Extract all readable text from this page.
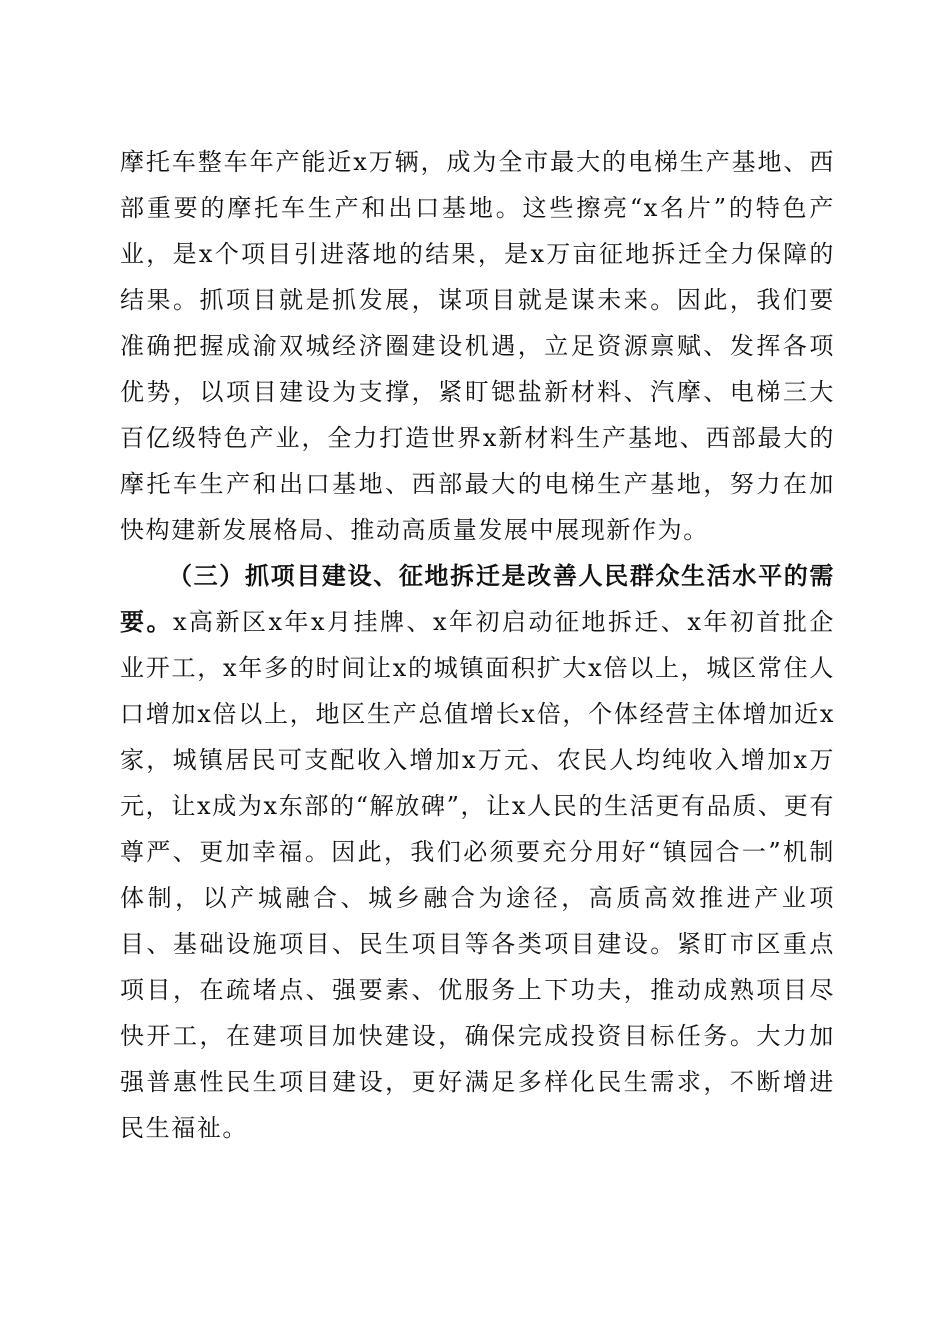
摩托车整车年产能近x万辆，成为全市最大的电梯生产基地、西部重要的摩托车生产和出口基地。这些擦亮“x名片”的特色产业，是x个项目引进落地的结果，是x万亩征地拆迁全力保障的结果。抓项目就是抓发展，谋项目就是谋未来。因此，我们要准确把握成渝双城经济圈建设机遇，立足资源禀赋、发挥各项优势，以项目建设为支撑，紧盯锶盐新材料、汽摩、电梯三大百亿级特色产业，全力打造世界x新材料生产基地、西部最大的摩托车生产和出口基地、西部最大的电梯生产基地，努力在加快构建新发展格局、推动高质量发展中展现新作为。

（三）抓项目建设、征地拆迁是改善人民群众生活水平的需要。x高新区x年x月挂牌、x年初启动征地拆迁、x年初首批企业开工，x年多的时间让x的城镇面积扩大x倍以上，城区常住人口增加x倍以上，地区生产总值增长x倍，个体经营主体增加近x家，城镇居民可支配收入增加x万元、农民人均纯收入增加x万元，让x成为x东部的“解放碑”，让x人民的生活更有品质、更有尊严、更加幸福。因此，我们必须要充分用好“镇园合一”机制体制，以产城融合、城乡融合为途径，高质高效推进产业项目、基础设施项目、民生项目等各类项目建设。紧盯市区重点项目，在疏堵点、强要素、优服务上下功夫，推动成熟项目尽快开工，在建项目加快建设，确保完成投资目标任务。大力加强普惠性民生项目建设，更好满足多样化民生需求，不断增进民生福祉。
